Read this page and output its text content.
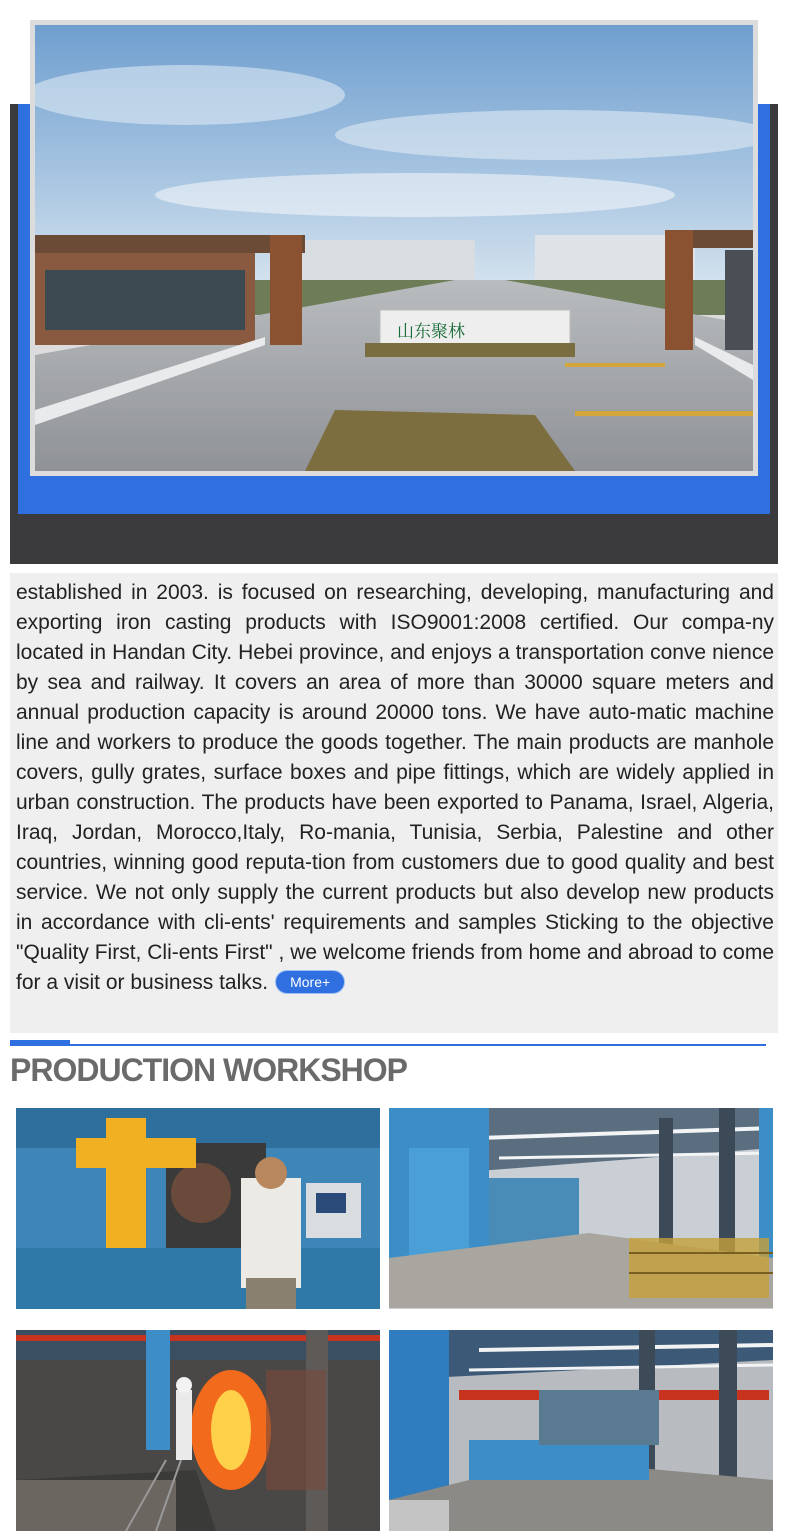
山东聚林

established in 2003. is focused on researching, developing, manufacturing and exporting iron casting products with ISO9001:2008 certified. Our compa-ny located in Handan City. Hebei province, and enjoys a transportation conve nience by sea and railway. It covers an area of more than 30000 square meters and annual production capacity is around 20000 tons. We have auto-matic machine line and workers to produce the goods together. The main products are manhole covers, gully grates, surface boxes and pipe fittings, which are widely applied in urban construction. The products have been exported to Panama, Israel, Algeria, Iraq, Jordan, Morocco,Italy, Ro-mania, Tunisia, Serbia, Palestine and other countries, winning good reputa-tion from customers due to good quality and best service. We not only supply the current products but also develop new products in accordance with cli-ents' requirements and samples Sticking to the objective "Quality First, Cli-ents First" , we welcome friends from home and abroad to come for a visit or business talks. More+

PRODUCTION WORKSHOP
